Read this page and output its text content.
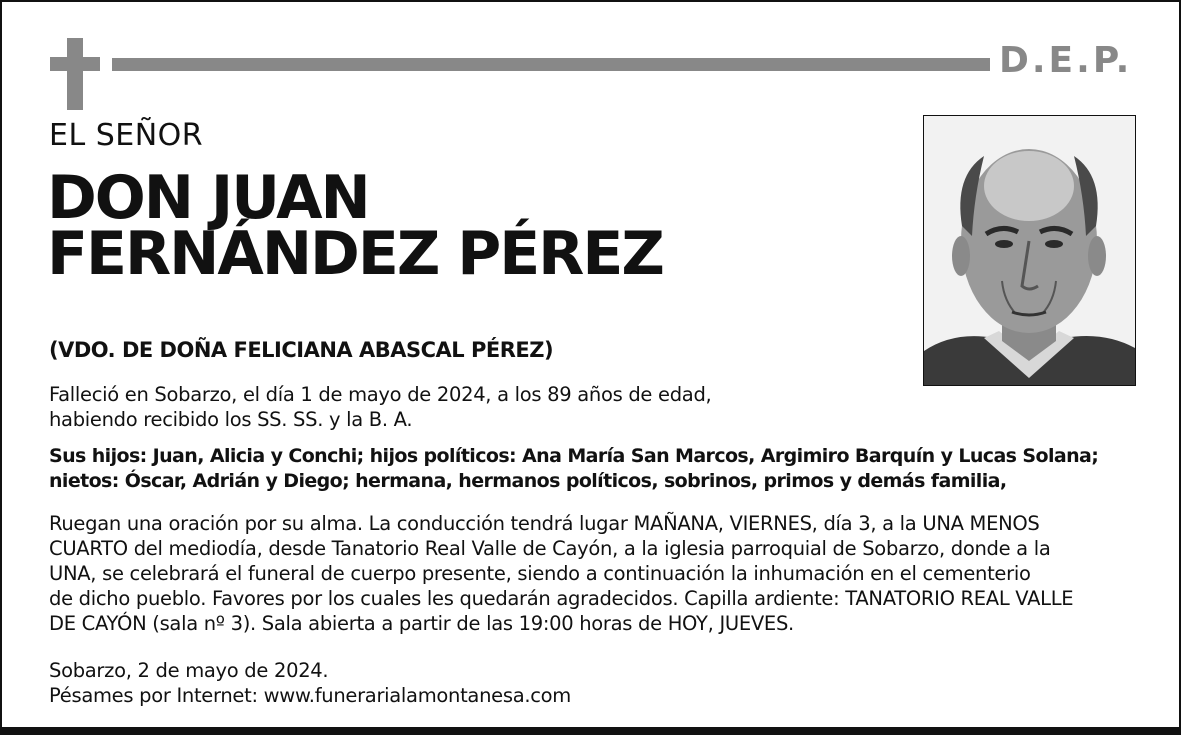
D.E.P.
EL SEÑOR
DON JUAN
FERNÁNDEZ PÉREZ
(VDO. DE DOÑA FELICIANA ABASCAL PÉREZ)

Falleció en Sobarzo, el día 1 de mayo de 2024, a los 89 años de edad,

habiendo recibido los SS. SS. y la B. A.

Sus hijos: Juan, Alicia y Conchi; hijos políticos: Ana María San Marcos, Argimiro Barquín y Lucas Solana;

nietos: Óscar, Adrián y Diego; hermana, hermanos políticos, sobrinos, primos y demás familia,

Ruegan una oración por su alma. La conducción tendrá lugar MAÑANA, VIERNES, día 3, a la UNA MENOS

CUARTO del mediodía, desde Tanatorio Real Valle de Cayón, a la iglesia parroquial de Sobarzo, donde a la

UNA, se celebrará el funeral de cuerpo presente, siendo a continuación la inhumación en el cementerio

de dicho pueblo. Favores por los cuales les quedarán agradecidos. Capilla ardiente: TANATORIO REAL VALLE

DE CAYÓN (sala nº 3). Sala abierta a partir de las 19:00 horas de HOY, JUEVES.

Sobarzo, 2 de mayo de 2024.

Pésames por Internet: www.funerarialamontanesa.com
